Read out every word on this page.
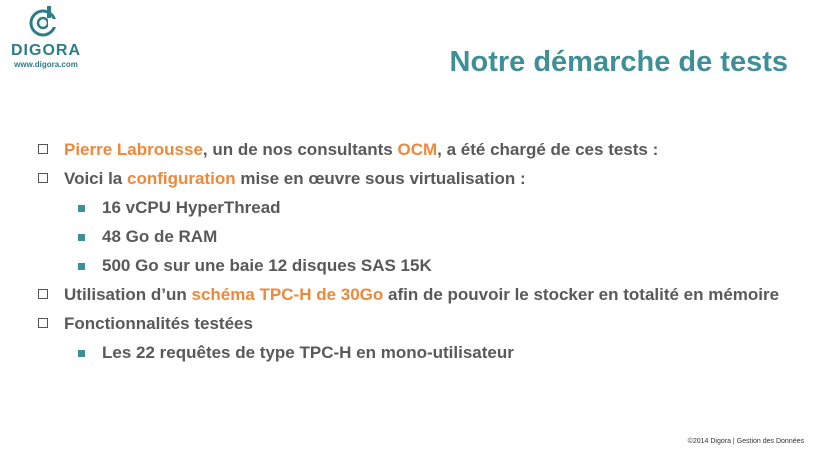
DIGORA
www.digora.com	Notre démarche de tests
Pierre Labrousse, un de nos consultants OCM, a été chargé de ces tests :
Voici la configuration mise en œuvre sous virtualisation :
16 vCPU HyperThread
48 Go de RAM
500 Go sur une baie 12 disques SAS 15K
Utilisation d’un schéma TPC-H de 30Go afin de pouvoir le stocker en totalité en mémoire
Fonctionnalités testées
Les 22 requêtes de type TPC-H en mono-utilisateur
©2014 Digora | Gestion des Données
